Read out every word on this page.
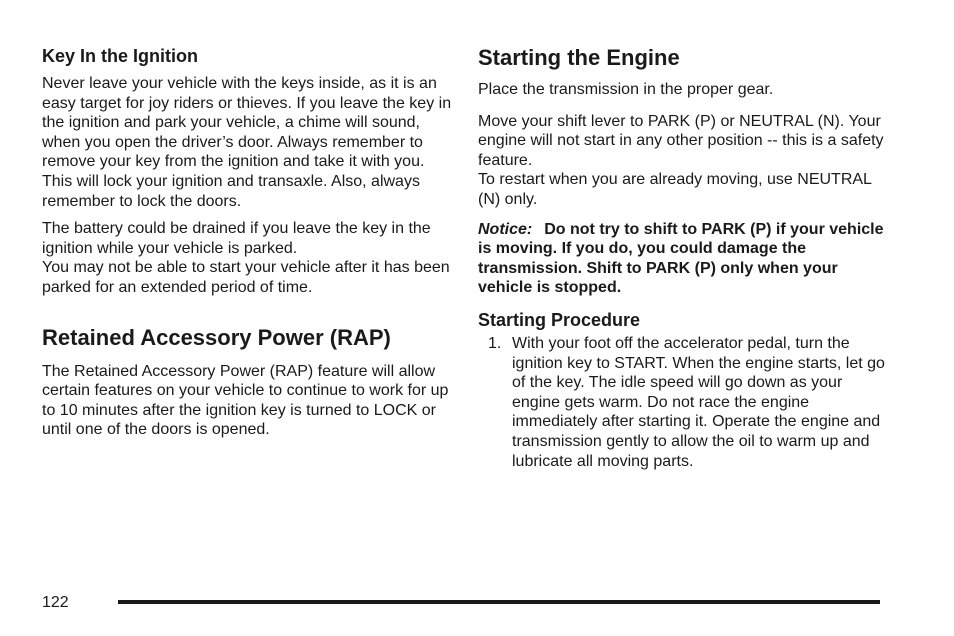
Key In the Ignition

Never leave your vehicle with the keys inside, as it is an easy target for joy riders or thieves. If you leave the key in the ignition and park your vehicle, a chime will sound, when you open the driver’s door. Always remember to remove your key from the ignition and take it with you. This will lock your ignition and transaxle. Also, always remember to lock the doors.

The battery could be drained if you leave the key in the ignition while your vehicle is parked.

You may not be able to start your vehicle after it has been parked for an extended period of time.

Retained Accessory Power (RAP)

The Retained Accessory Power (RAP) feature will allow certain features on your vehicle to continue to work for up to 10 minutes after the ignition key is turned to LOCK or until one of the doors is opened.

Starting the Engine

Place the transmission in the proper gear.

Move your shift lever to PARK (P) or NEUTRAL (N). Your engine will not start in any other position -- this is a safety feature.

To restart when you are already moving, use NEUTRAL (N) only.

Notice: Do not try to shift to PARK (P) if your vehicle is moving. If you do, you could damage the transmission. Shift to PARK (P) only when your vehicle is stopped.

Starting Procedure
1. With your foot off the accelerator pedal, turn the ignition key to START. When the engine starts, let go of the key. The idle speed will go down as your engine gets warm. Do not race the engine immediately after starting it. Operate the engine and transmission gently to allow the oil to warm up and lubricate all moving parts.
122
